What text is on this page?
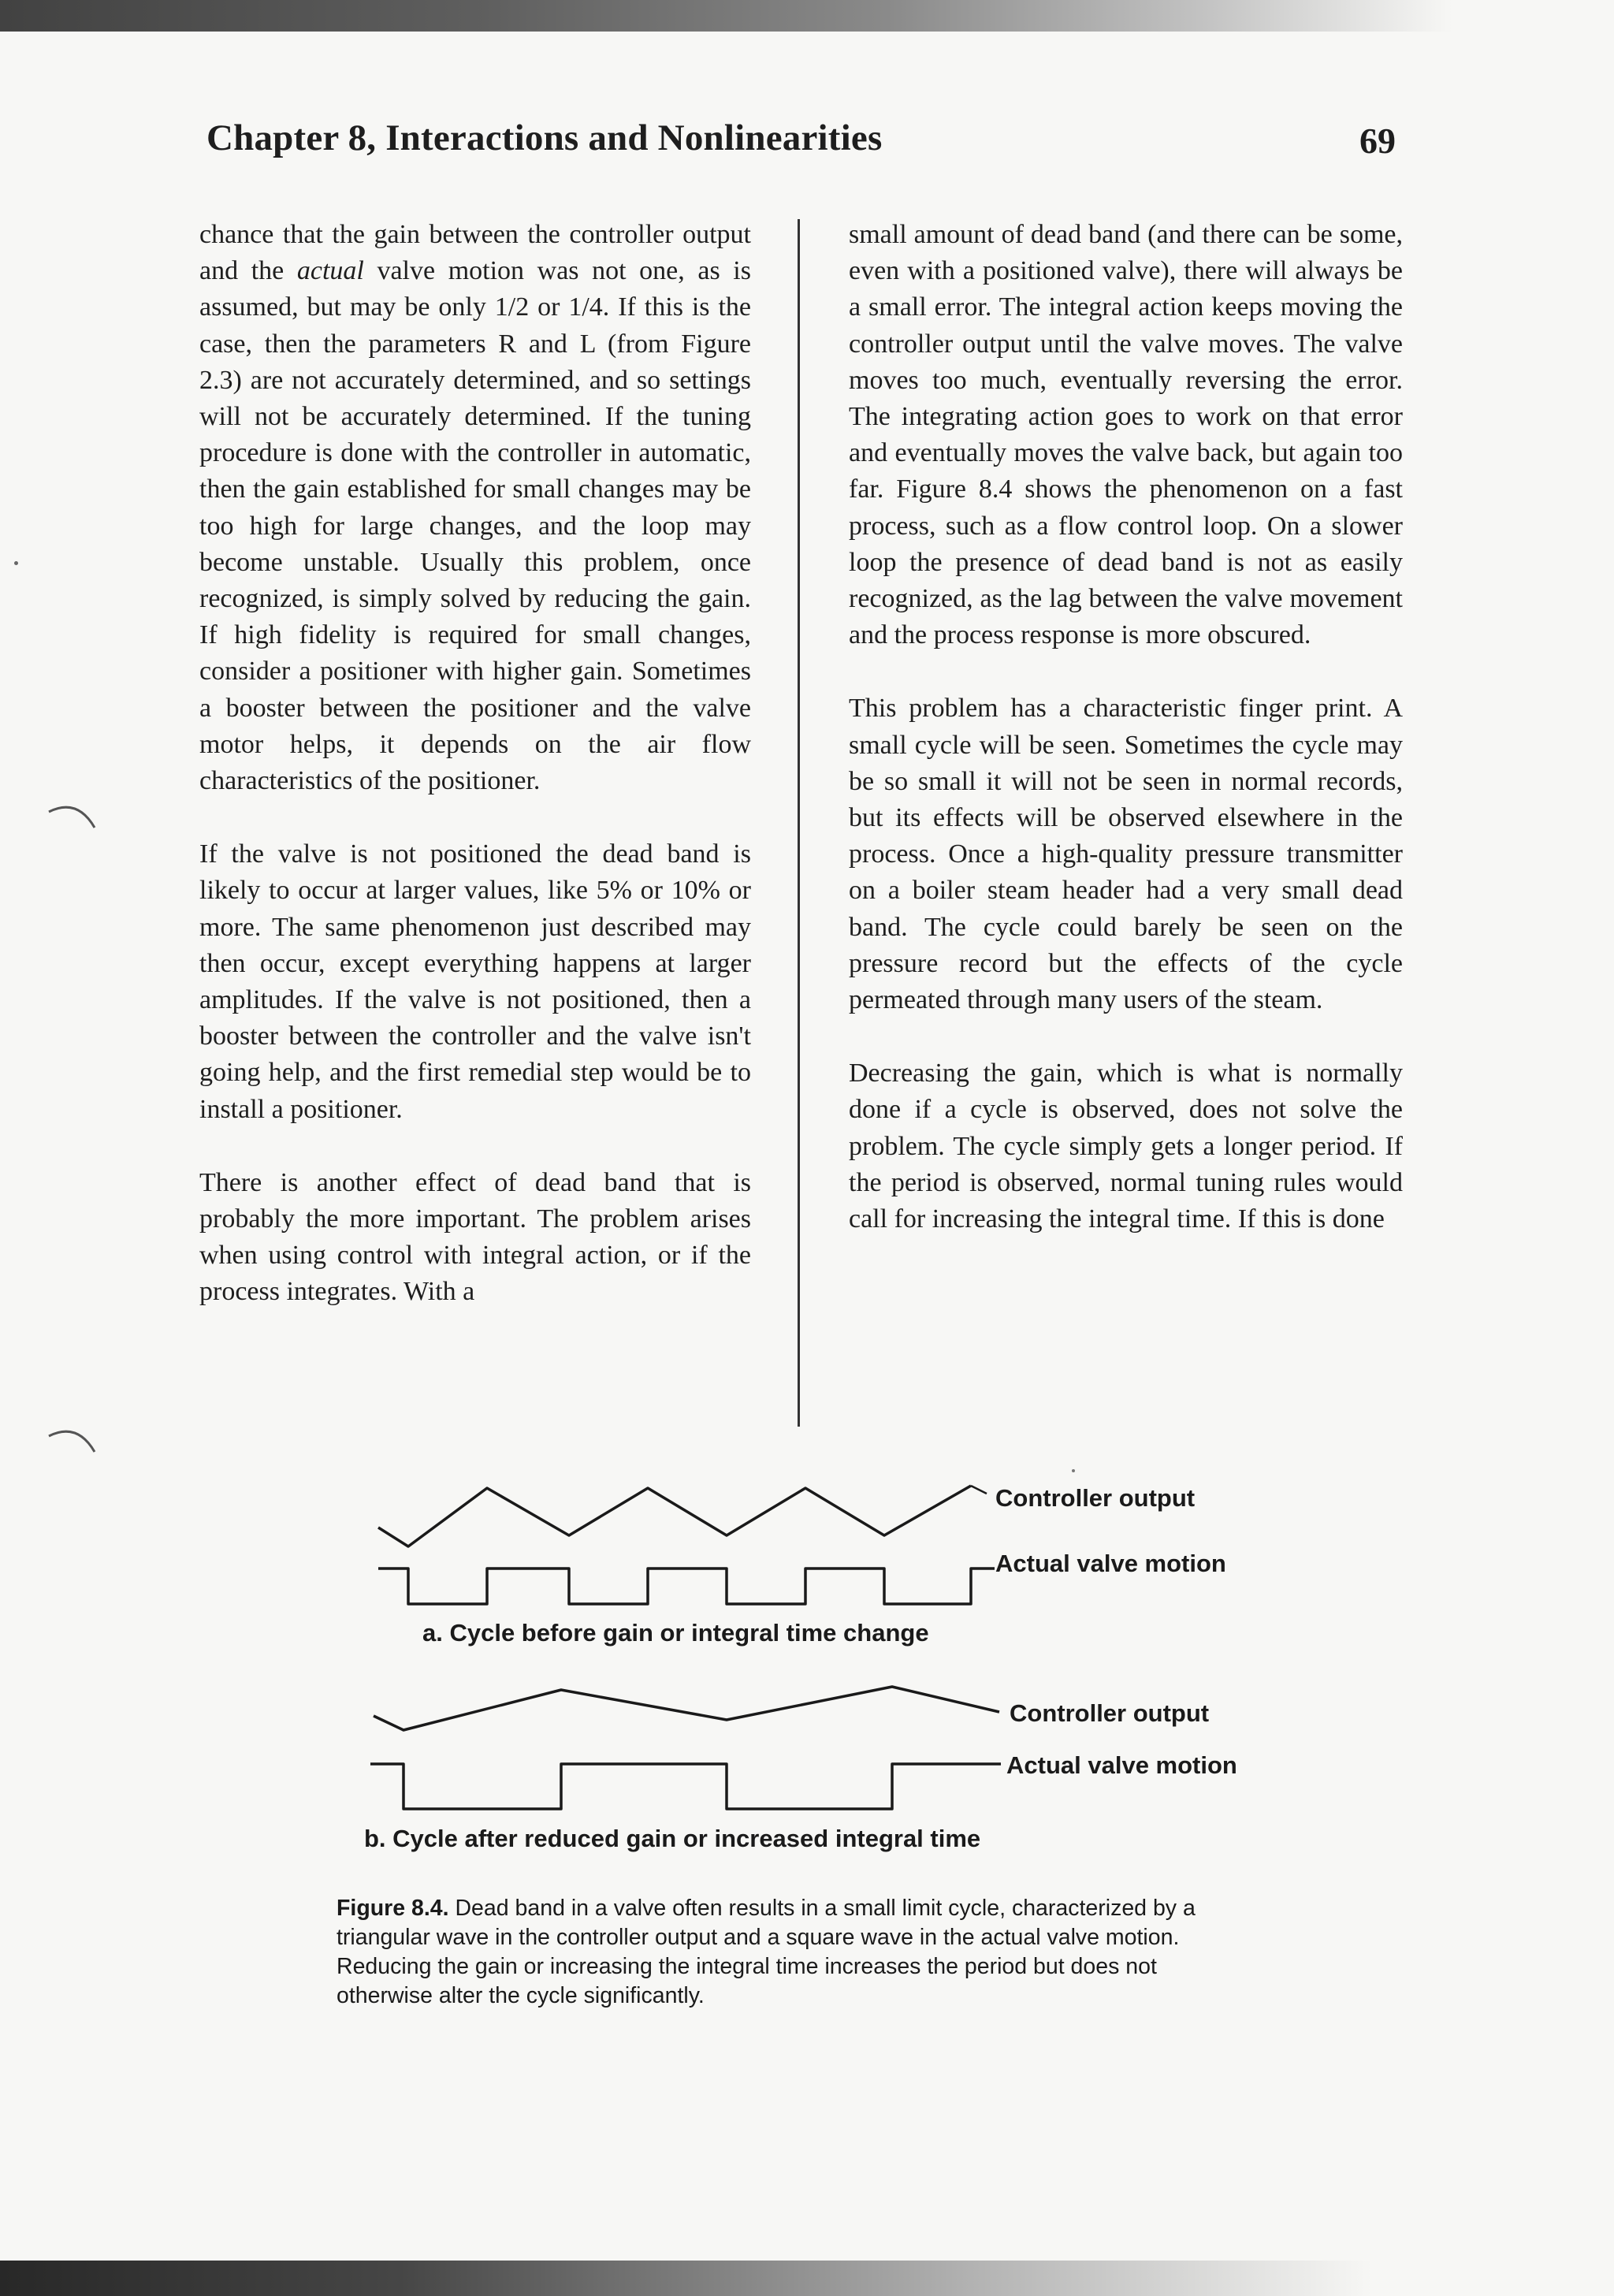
Chapter 8, Interactions and Nonlinearities	69

chance that the gain between the controller output and the actual valve motion was not one, as is assumed, but may be only 1/2 or 1/4. If this is the case, then the parameters R and L (from Figure 2.3) are not accurately determined, and so settings will not be accurately determined. If the tuning procedure is done with the controller in automatic, then the gain established for small changes may be too high for large changes, and the loop may become unstable. Usually this problem, once recognized, is simply solved by reducing the gain. If high fidelity is required for small changes, consider a positioner with higher gain. Sometimes a booster between the positioner and the valve motor helps, it depends on the air flow characteristics of the positioner.

If the valve is not positioned the dead band is likely to occur at larger values, like 5% or 10% or more. The same phenomenon just described may then occur, except everything happens at larger amplitudes. If the valve is not positioned, then a booster between the controller and the valve isn't going help, and the first remedial step would be to install a positioner.

There is another effect of dead band that is probably the more important. The problem arises when using control with integral action, or if the process integrates. With a

small amount of dead band (and there can be some, even with a positioned valve), there will always be a small error. The integral action keeps moving the controller output until the valve moves. The valve moves too much, eventually reversing the error. The integrating action goes to work on that error and eventually moves the valve back, but again too far. Figure 8.4 shows the phenomenon on a fast process, such as a flow control loop. On a slower loop the presence of dead band is not as easily recognized, as the lag between the valve movement and the process response is more obscured.

This problem has a characteristic finger print. A small cycle will be seen. Sometimes the cycle may be so small it will not be seen in normal records, but its effects will be observed elsewhere in the process. Once a high-quality pressure transmitter on a boiler steam header had a very small dead band. The cycle could barely be seen on the pressure record but the effects of the cycle permeated through many users of the steam.

Decreasing the gain, which is what is normally done if a cycle is observed, does not solve the problem. The cycle simply gets a longer period. If the period is observed, normal tuning rules would call for increasing the integral time. If this is done

Controller output
Actual valve motion
a. Cycle before gain or integral time change
Controller output
Actual valve motion
b. Cycle after reduced gain or increased integral time
Figure 8.4. Dead band in a valve often results in a small limit cycle, characterized by a triangular wave in the controller output and a square wave in the actual valve motion. Reducing the gain or increasing the integral time increases the period but does not otherwise alter the cycle significantly.
